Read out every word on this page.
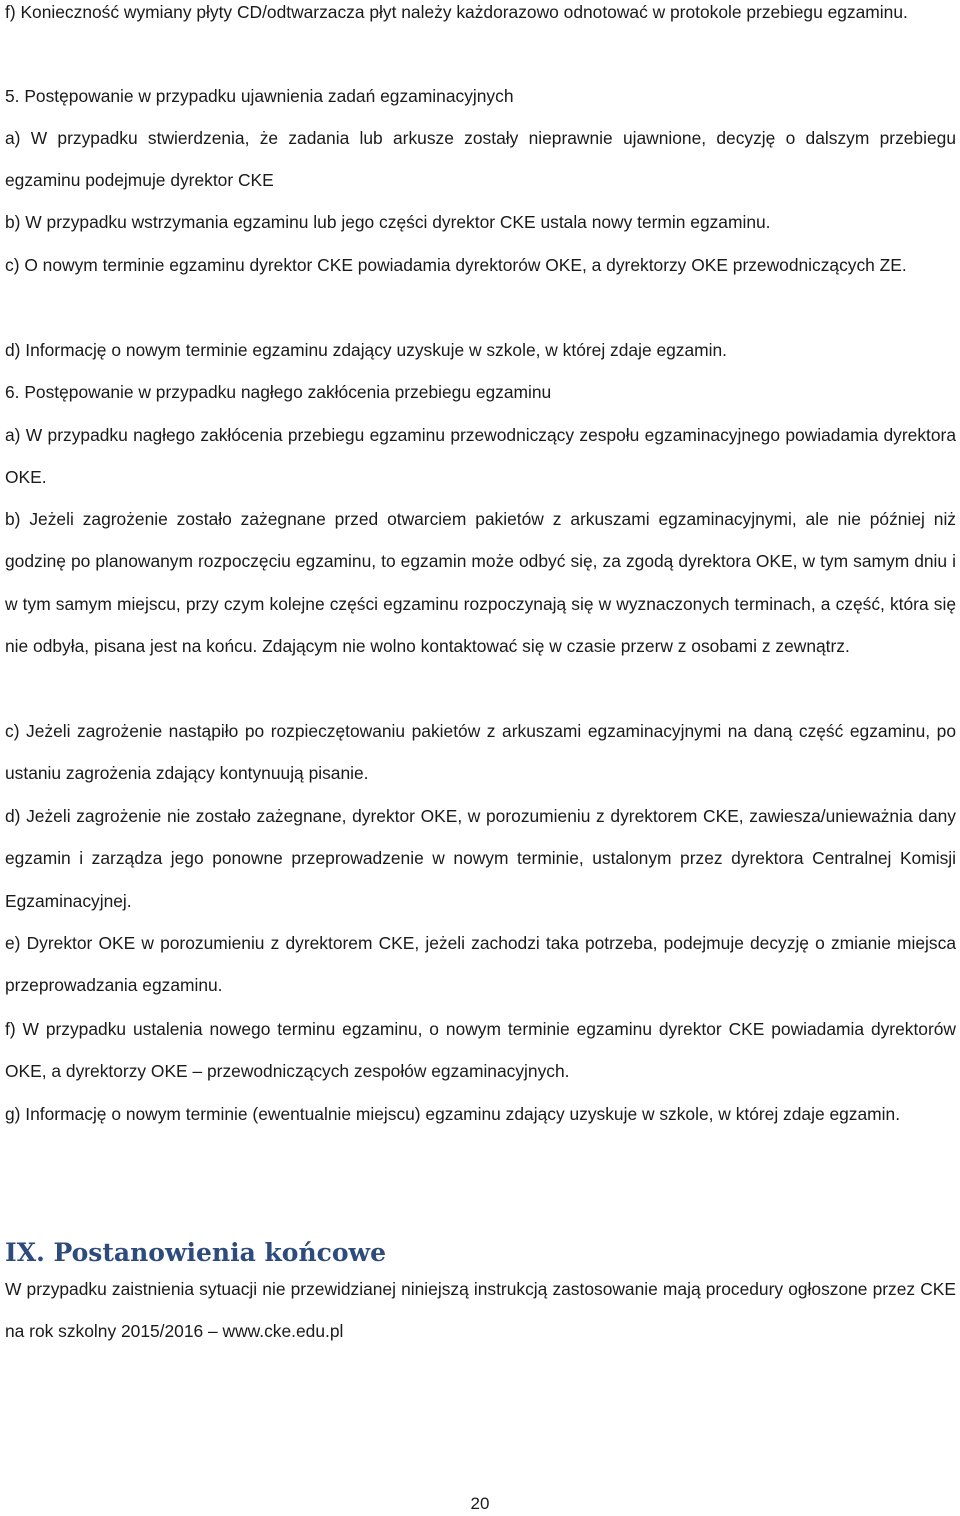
f) Konieczność wymiany płyty CD/odtwarzacza płyt należy każdorazowo odnotować w protokole przebiegu egzaminu.

5. Postępowanie w przypadku ujawnienia zadań egzaminacyjnych

a) W przypadku stwierdzenia, że zadania lub arkusze zostały nieprawnie ujawnione, decyzję o dalszym przebiegu egzaminu podejmuje dyrektor CKE

b) W przypadku wstrzymania egzaminu lub jego części dyrektor CKE ustala nowy termin egzaminu.

c) O nowym terminie egzaminu dyrektor CKE powiadamia dyrektorów OKE, a dyrektorzy OKE przewodniczących ZE.

d) Informację o nowym terminie egzaminu zdający uzyskuje w szkole, w której zdaje egzamin.

6. Postępowanie w przypadku nagłego zakłócenia przebiegu egzaminu

a) W przypadku nagłego zakłócenia przebiegu egzaminu przewodniczący zespołu egzaminacyjnego powiadamia dyrektora OKE.

b) Jeżeli zagrożenie zostało zażegnane przed otwarciem pakietów z arkuszami egzaminacyjnymi, ale nie później niż godzinę po planowanym rozpoczęciu egzaminu, to egzamin może odbyć się, za zgodą dyrektora OKE, w tym samym dniu i w tym samym miejscu, przy czym kolejne części egzaminu rozpoczynają się w wyznaczonych terminach, a część, która się nie odbyła, pisana jest na końcu. Zdającym nie wolno kontaktować się w czasie przerw z osobami z zewnątrz.

c) Jeżeli zagrożenie nastąpiło po rozpieczętowaniu pakietów z arkuszami egzaminacyjnymi na daną część egzaminu, po ustaniu zagrożenia zdający kontynuują pisanie.

d) Jeżeli zagrożenie nie zostało zażegnane, dyrektor OKE, w porozumieniu z dyrektorem CKE, zawiesza/unieważnia dany egzamin i zarządza jego ponowne przeprowadzenie w nowym terminie, ustalonym przez dyrektora Centralnej Komisji Egzaminacyjnej.

e) Dyrektor OKE w porozumieniu z dyrektorem CKE, jeżeli zachodzi taka potrzeba, podejmuje decyzję o zmianie miejsca przeprowadzania egzaminu.

f) W przypadku ustalenia nowego terminu egzaminu, o nowym terminie egzaminu dyrektor CKE powiadamia dyrektorów OKE, a dyrektorzy OKE – przewodniczących zespołów egzaminacyjnych.

g) Informację o nowym terminie (ewentualnie miejscu) egzaminu zdający uzyskuje w szkole, w której zdaje egzamin.

IX. Postanowienia końcowe

W przypadku zaistnienia sytuacji nie przewidzianej niniejszą instrukcją zastosowanie mają procedury ogłoszone przez CKE na rok szkolny 2015/2016 – www.cke.edu.pl

20
